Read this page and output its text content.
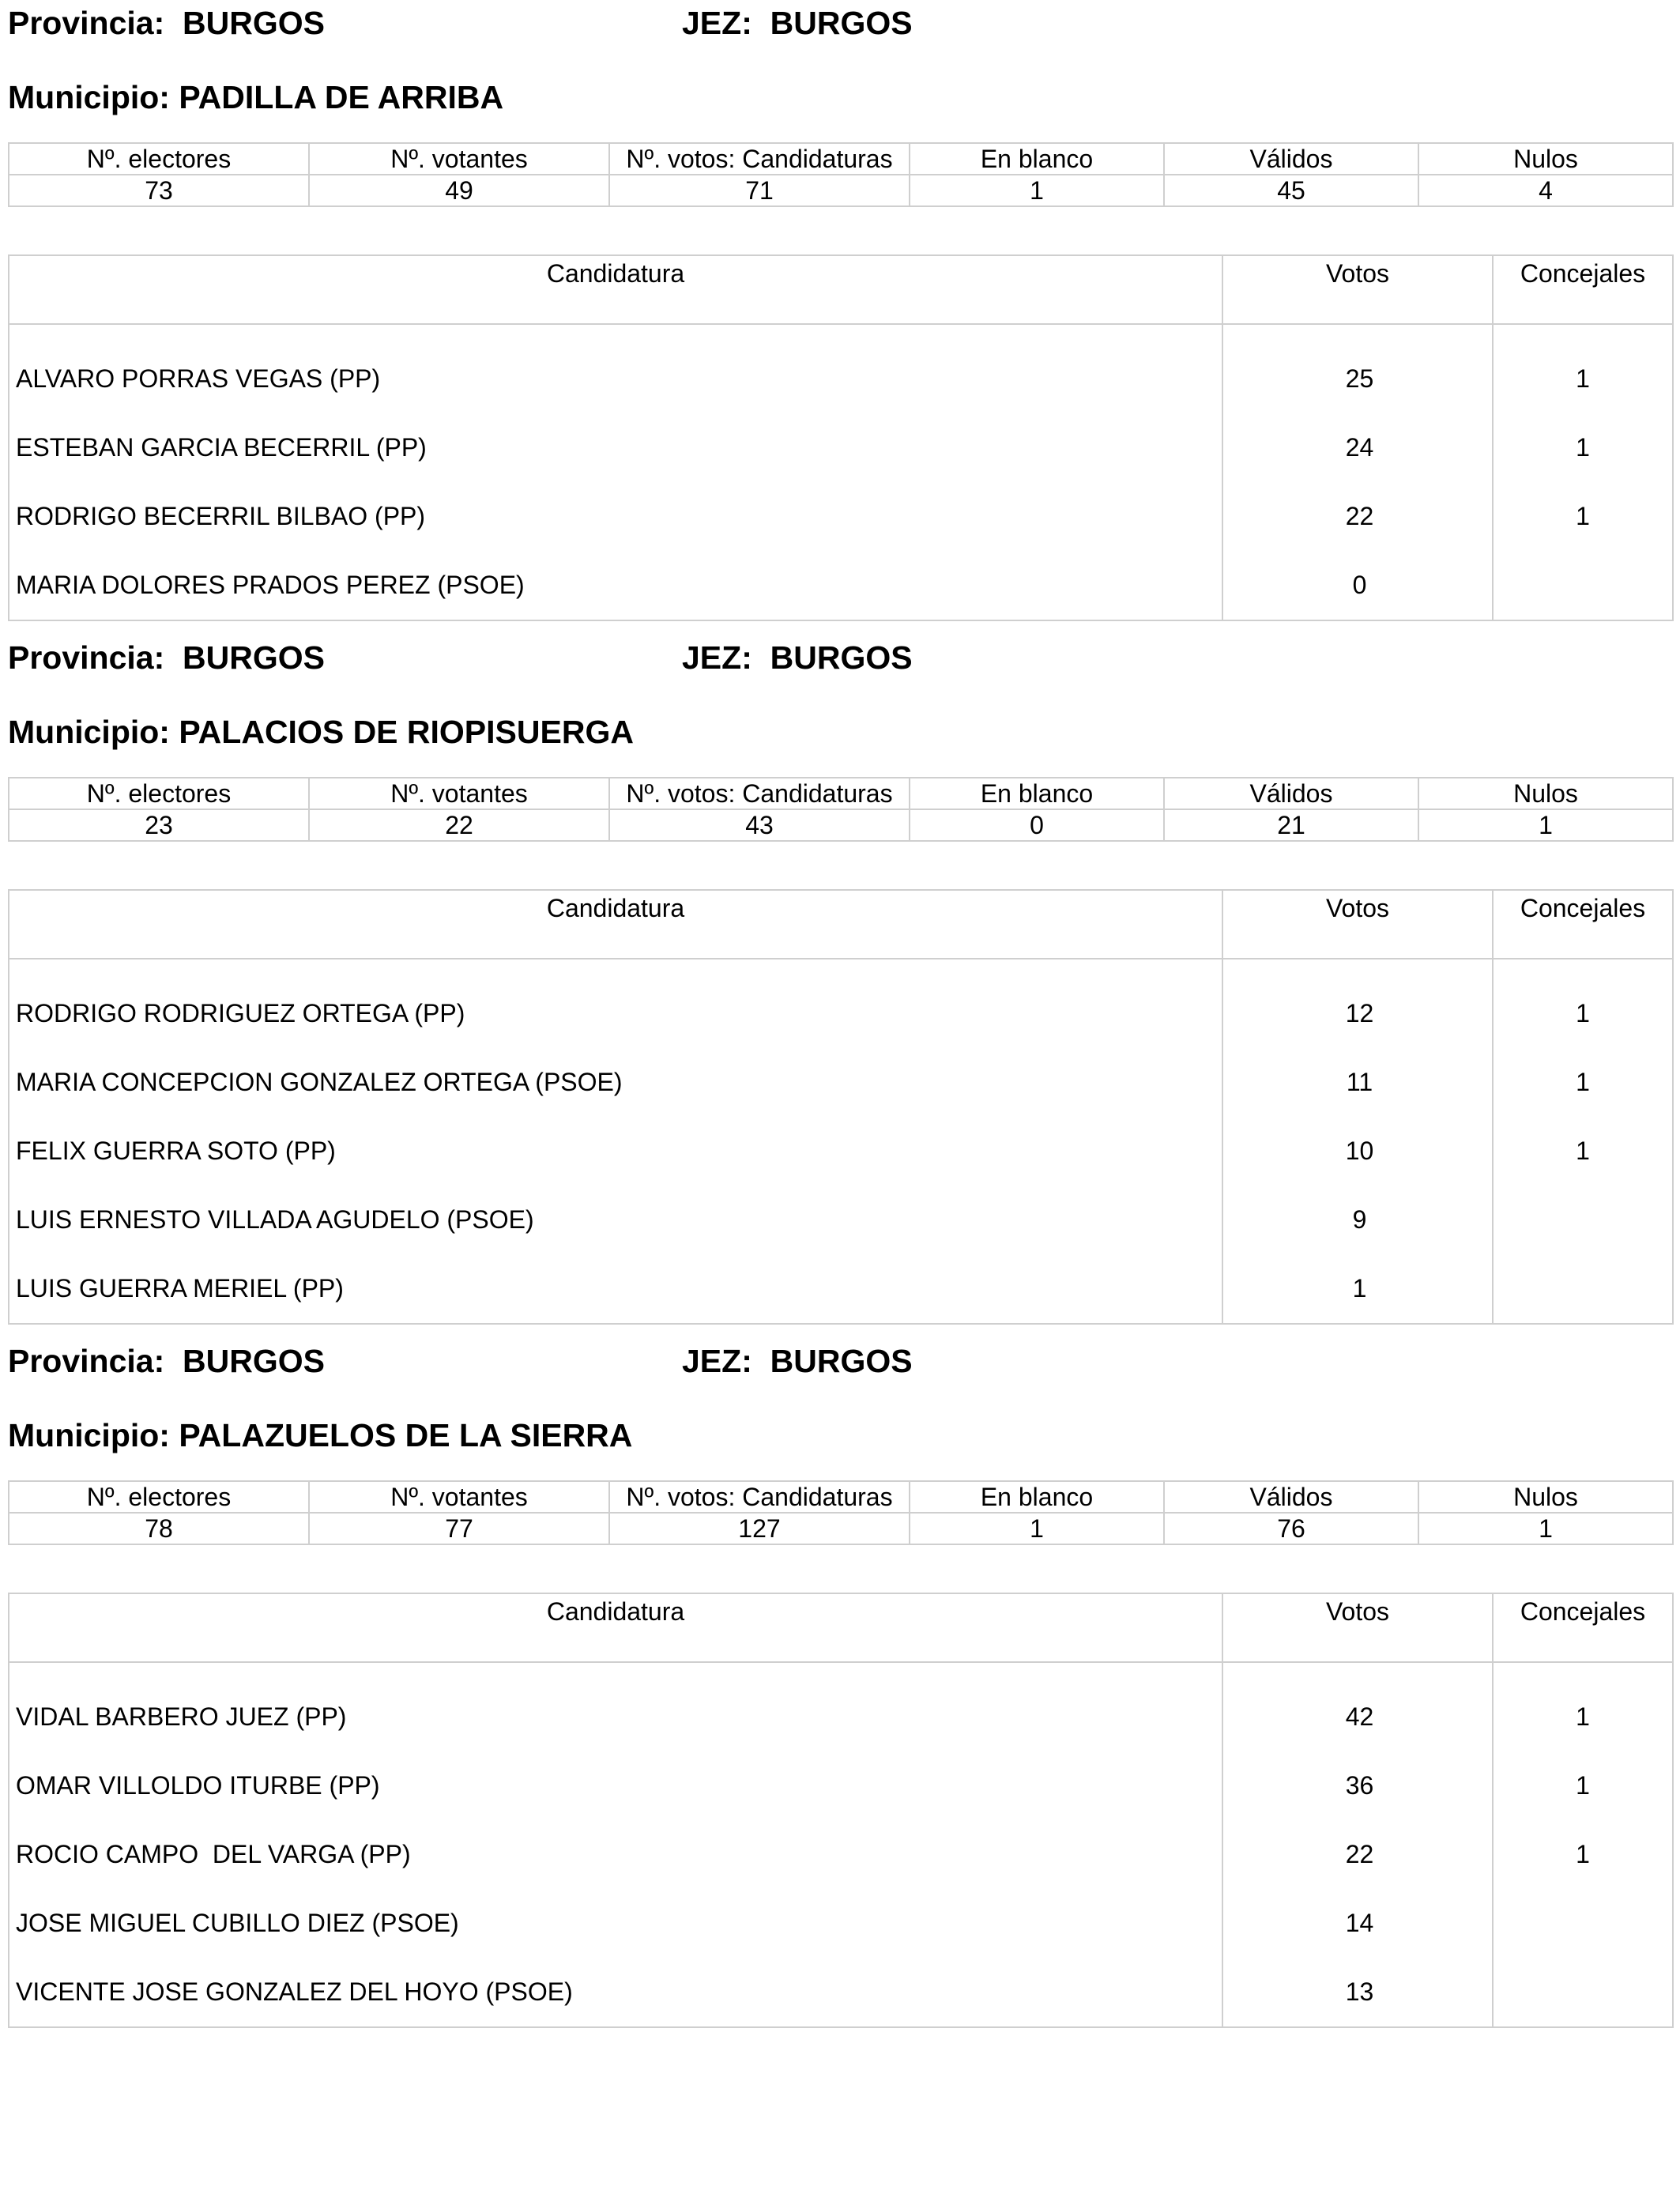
Provincia: BURGOS	JEZ: BURGOS
Municipio: PADILLA DE ARRIBA
Nº. electores	Nº. votantes	Nº. votos: Candidaturas	En blanco	Válidos	Nulos
73	49	71	1	45	4
Candidatura	Votos	Concejales
ALVARO PORRAS VEGAS (PP)	25	1
ESTEBAN GARCIA BECERRIL (PP)	24	1
RODRIGO BECERRIL BILBAO (PP)	22	1
MARIA DOLORES PRADOS PEREZ (PSOE)	0	
Provincia: BURGOS	JEZ: BURGOS
Municipio: PALACIOS DE RIOPISUERGA
Nº. electores	Nº. votantes	Nº. votos: Candidaturas	En blanco	Válidos	Nulos
23	22	43	0	21	1
Candidatura	Votos	Concejales
RODRIGO RODRIGUEZ ORTEGA (PP)	12	1
MARIA CONCEPCION GONZALEZ ORTEGA (PSOE)	11	1
FELIX GUERRA SOTO (PP)	10	1
LUIS ERNESTO VILLADA AGUDELO (PSOE)	9	
LUIS GUERRA MERIEL (PP)	1	
Provincia: BURGOS	JEZ: BURGOS
Municipio: PALAZUELOS DE LA SIERRA
Nº. electores	Nº. votantes	Nº. votos: Candidaturas	En blanco	Válidos	Nulos
78	77	127	1	76	1
Candidatura	Votos	Concejales
VIDAL BARBERO JUEZ (PP)	42	1
OMAR VILLOLDO ITURBE (PP)	36	1
ROCIO CAMPO  DEL VARGA (PP)	22	1
JOSE MIGUEL CUBILLO DIEZ (PSOE)	14	
VICENTE JOSE GONZALEZ DEL HOYO (PSOE)	13	
